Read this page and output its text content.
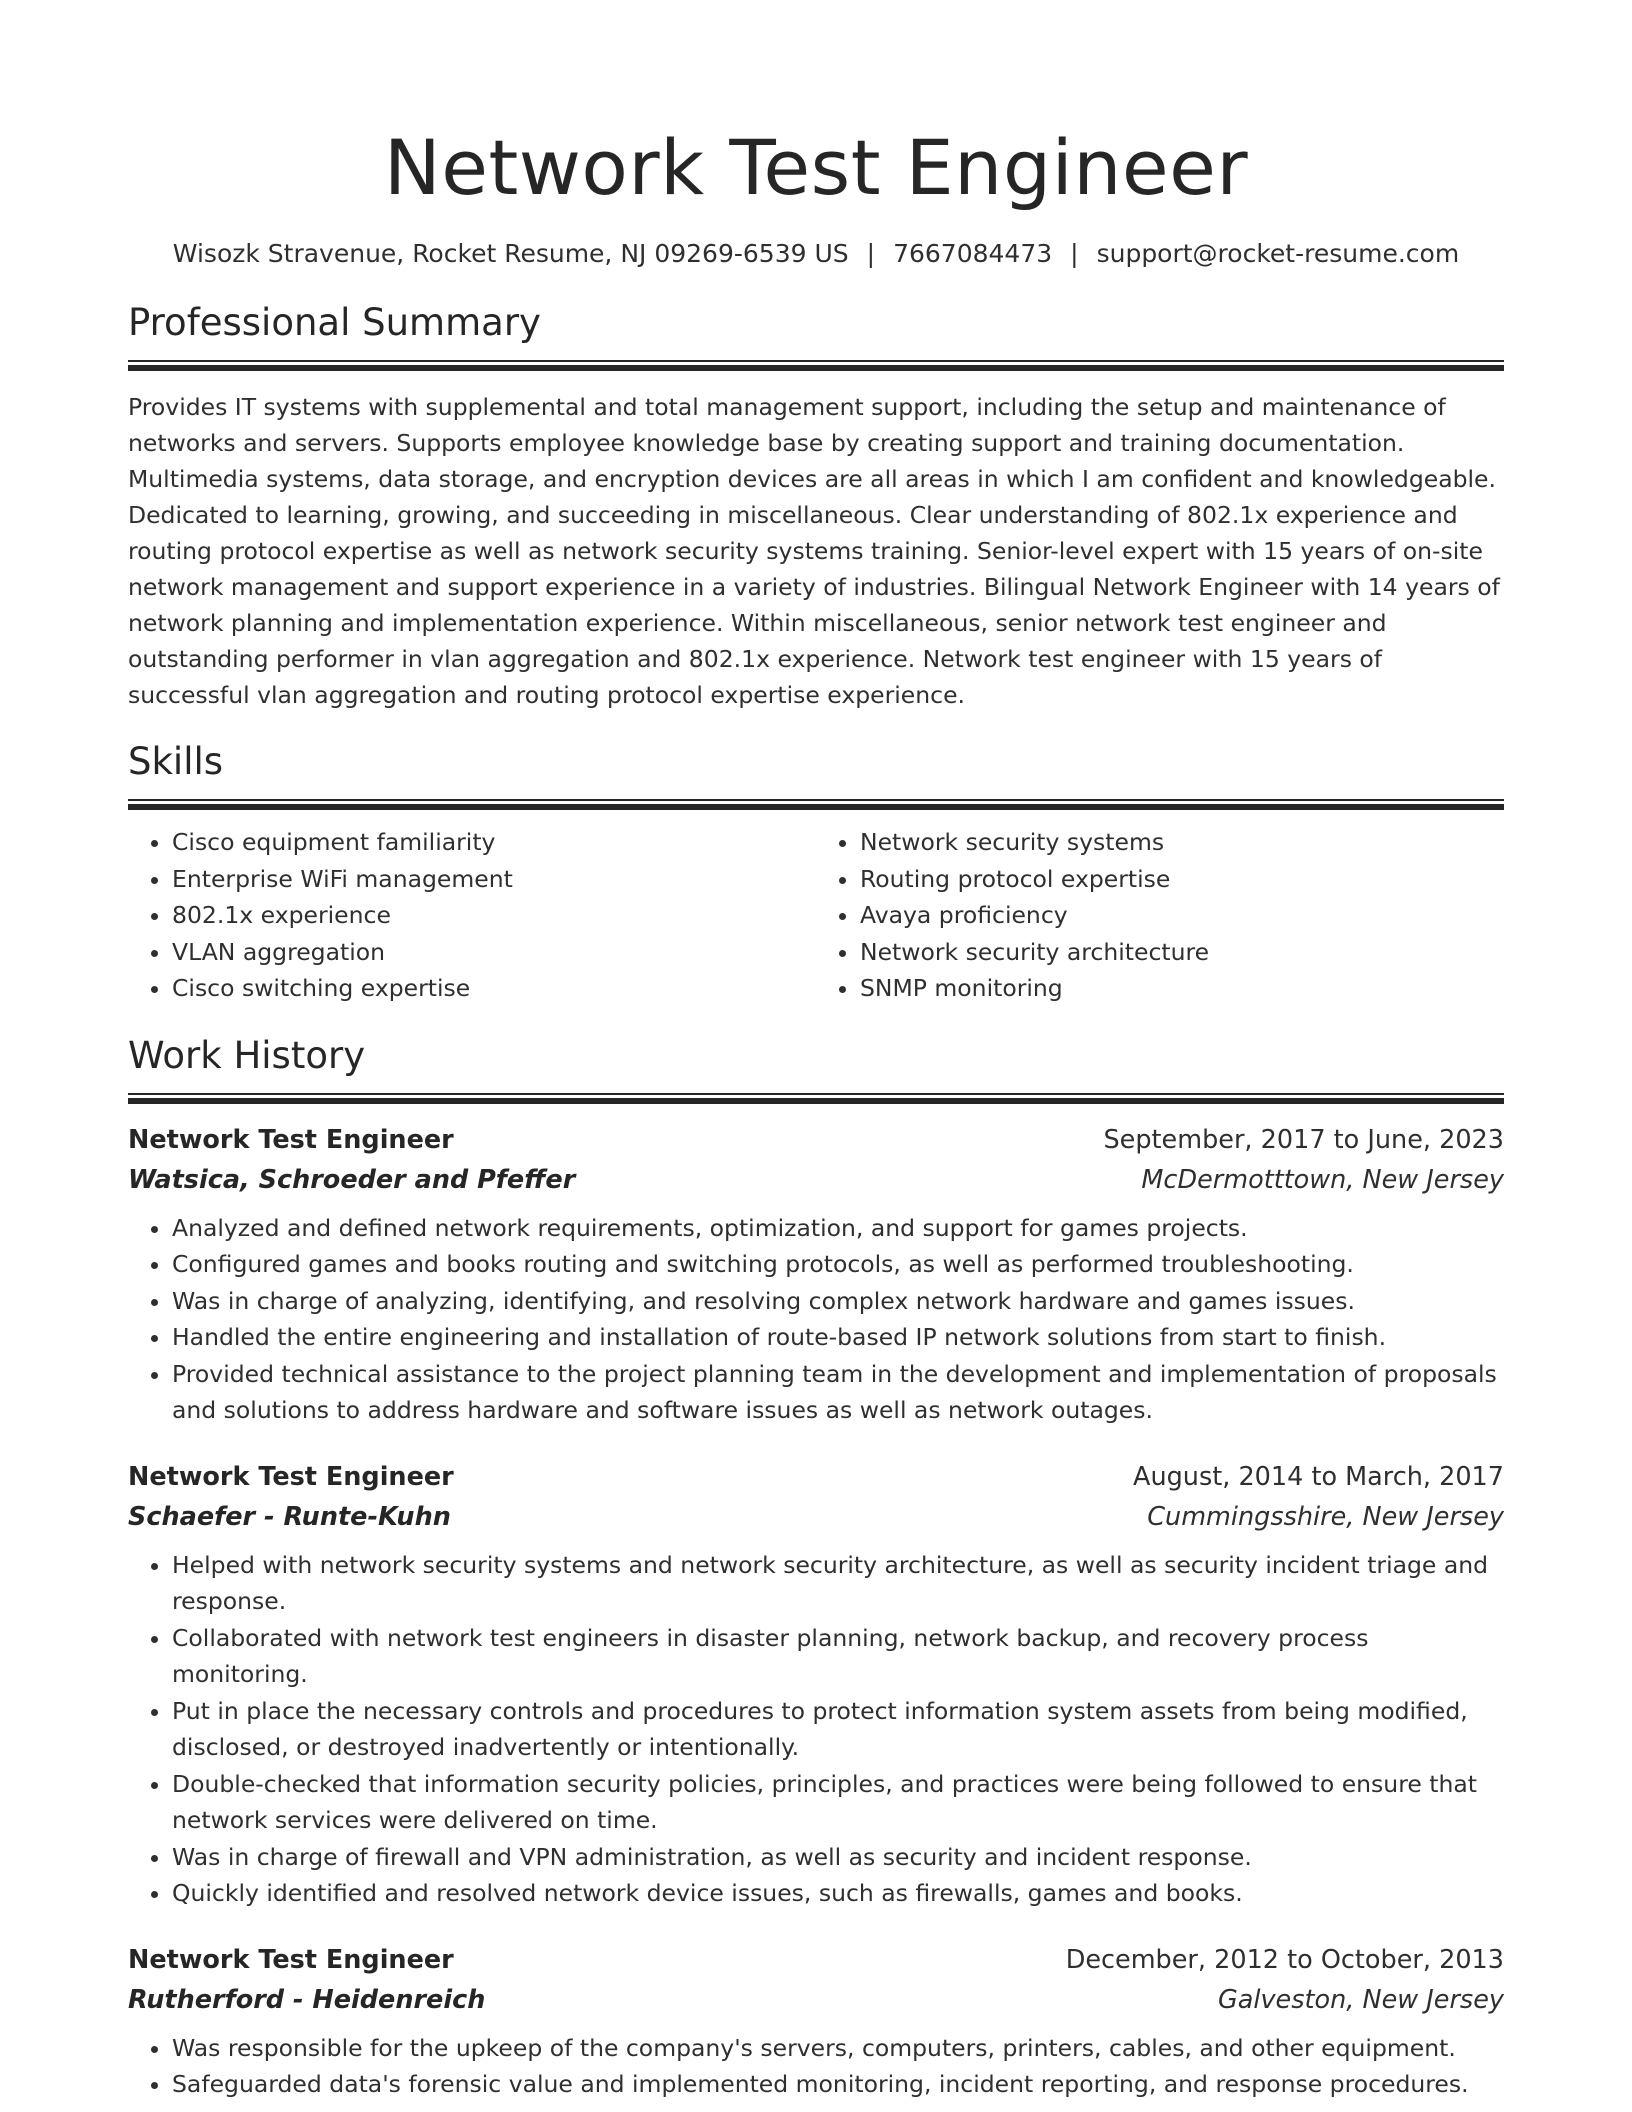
Network Test Engineer
Wisozk Stravenue, Rocket Resume, NJ 09269-6539 US | 7667084473 | support@rocket-resume.com
Professional Summary

Provides IT systems with supplemental and total management support, including the setup and maintenance of networks and servers. Supports employee knowledge base by creating support and training documentation. Multimedia systems, data storage, and encryption devices are all areas in which I am confident and knowledgeable. Dedicated to learning, growing, and succeeding in miscellaneous. Clear understanding of 802.1x experience and routing protocol expertise as well as network security systems training. Senior-level expert with 15 years of on-site network management and support experience in a variety of industries. Bilingual Network Engineer with 14 years of network planning and implementation experience. Within miscellaneous, senior network test engineer and outstanding performer in vlan aggregation and 802.1x experience. Network test engineer with 15 years of successful vlan aggregation and routing protocol expertise experience.

Skills
• Cisco equipment familiarity
• Enterprise WiFi management
• 802.1x experience
• VLAN aggregation
• Cisco switching expertise
• Network security systems
• Routing protocol expertise
• Avaya proficiency
• Network security architecture
• SNMP monitoring
Work History
Network Test Engineer	September, 2017 to June, 2023
Watsica, Schroeder and Pfeffer	McDermotttown, New Jersey
• Analyzed and defined network requirements, optimization, and support for games projects.
• Configured games and books routing and switching protocols, as well as performed troubleshooting.
• Was in charge of analyzing, identifying, and resolving complex network hardware and games issues.
• Handled the entire engineering and installation of route-based IP network solutions from start to finish.
• Provided technical assistance to the project planning team in the development and implementation of proposals and solutions to address hardware and software issues as well as network outages.
Network Test Engineer	August, 2014 to March, 2017
Schaefer - Runte-Kuhn	Cummingsshire, New Jersey
• Helped with network security systems and network security architecture, as well as security incident triage and response.
• Collaborated with network test engineers in disaster planning, network backup, and recovery process monitoring.
• Put in place the necessary controls and procedures to protect information system assets from being modified, disclosed, or destroyed inadvertently or intentionally.
• Double-checked that information security policies, principles, and practices were being followed to ensure that network services were delivered on time.
• Was in charge of firewall and VPN administration, as well as security and incident response.
• Quickly identified and resolved network device issues, such as firewalls, games and books.
Network Test Engineer	December, 2012 to October, 2013
Rutherford - Heidenreich	Galveston, New Jersey
• Was responsible for the upkeep of the company's servers, computers, printers, cables, and other equipment.
• Safeguarded data's forensic value and implemented monitoring, incident reporting, and response procedures.
